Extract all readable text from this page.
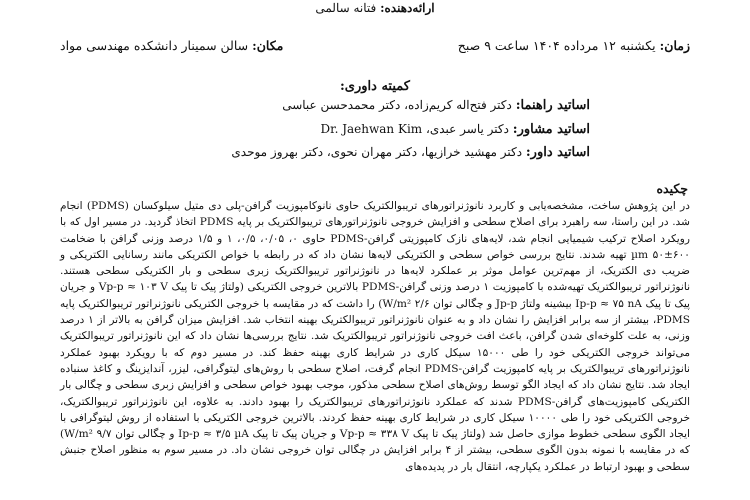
ارائه‌دهنده: فتانه سالمی
زمان: یکشنبه ۱۲ مرداده ۱۴۰۴ ساعت ۹ صبح
مکان: سالن سمینار دانشکده مهندسی مواد
کمیته داوری:
اساتید راهنما: دکتر فتح‌اله کریم‌زاده، دکتر محمدحسن عباسی
اساتید مشاور: دکتر یاسر عبدی، Dr. Jaehwan Kim
اساتید داور: دکتر مهشید خرازیها، دکتر مهران نحوی، دکتر بهروز موحدی
چکیده
در این پژوهش ساخت، مشخصه‌یابی و کاربرد نانوژنراتورهای تریبوالکتریک حاوی نانوکامپوزیت گرافن-پلی دی متیل سیلوکسان (PDMS) انجام شد. در این راستا، سه راهبرد برای اصلاح سطحی و افزایش خروجی نانوژنراتورهای تریبوالکتریک بر پایه PDMS اتخاذ گردید. در مسیر اول که با رویکرد اصلاح ترکیب شیمیایی انجام شد، لایه‌های نازک کامپوزیتی گرافن-PDMS حاوی ۰، ۰/۰۵، ۰/۵، ۱ و ۱/۵ درصد وزنی گرافن با ضخامت ۶۰۰±۵۰ µm تهیه شدند. نتایج بررسی خواص سطحی و الکتریکی لایه‌ها نشان داد که در رابطه با خواص الکتریکی مانند رسانایی الکتریکی و ضریب دی الکتریک، از مهم‌ترین عوامل موثر بر عملکرد لایه‌ها در نانوژنراتور تریبوالکتریک زبری سطحی و بار الکتریکی سطحی هستند. نانوژنراتور تریبوالکتریک تهیه‌شده با کامپوزیت ۱ درصد وزنی گرافن-PDMS بالاترین خروجی الکتریکی (ولتاژ پیک تا پیک Vp-p ≈ ۱۰۳ V و جریان پیک تا پیک Ip-p ≈ ۷۵ nA بیشینه ولتاژ Jp-p و چگالی توان ۲/۶ W/m²) را داشت که در مقایسه با خروجی الکتریکی نانوژنراتور تریبوالکتریک پایه PDMS، بیشتر از سه برابر افزایش را نشان داد و به عنوان نانوژنراتور تریبوالکتریک بهینه انتخاب شد. افزایش میزان گرافن به بالاتر از ۱ درصد وزنی، به علت کلوخه‌ای شدن گرافن، باعث افت خروجی نانوژنراتور تریبوالکتریک شد. نتایج بررسی‌ها نشان داد که این نانوژنراتور تریبوالکتریک می‌تواند خروجی الکتریکی خود را طی ۱۵۰۰۰ سیکل کاری در شرایط کاری بهینه حفظ کند. در مسیر دوم که با رویکرد بهبود عملکرد نانوژنراتورهای تریبوالکتریک بر پایه کامپوزیت گرافن-PDMS انجام گرفت، اصلاح سطحی با روش‌های لیتوگرافی، لیزر، آندایزینگ و کاغذ سنباده ایجاد شد. نتایج نشان داد که ایجاد الگو توسط روش‌های اصلاح سطحی مذکور، موجب بهبود خواص سطحی و افزایش زبری سطحی و چگالی بار الکتریکی کامپوزیت‌های گرافن-PDMS شدند که عملکرد نانوژنراتورهای تریبوالکتریک را بهبود دادند. به علاوه، این نانوژنراتور تریبوالکتریک، خروجی الکتریکی خود را طی ۱۰۰۰۰ سیکل کاری در شرایط کاری بهینه حفظ کردند. بالاترین خروجی الکتریکی با استفاده از روش لیتوگرافی با ایجاد الگوی سطحی خطوط موازی حاصل شد (ولتاژ پیک تا پیک Vp-p ≈ ۳۳۸ V و جریان پیک تا پیک Ip-p ≈ ۳/۵ µA و چگالی توان ۹/۷ W/m²) که در مقایسه با نمونه بدون الگوی سطحی، بیشتر از ۴ برابر افزایش در چگالی توان خروجی نشان داد. در مسیر سوم به منظور اصلاح جنبش سطحی و بهبود ارتباط در عملکرد یکپارچه، انتقال بار در پدیده‌های
